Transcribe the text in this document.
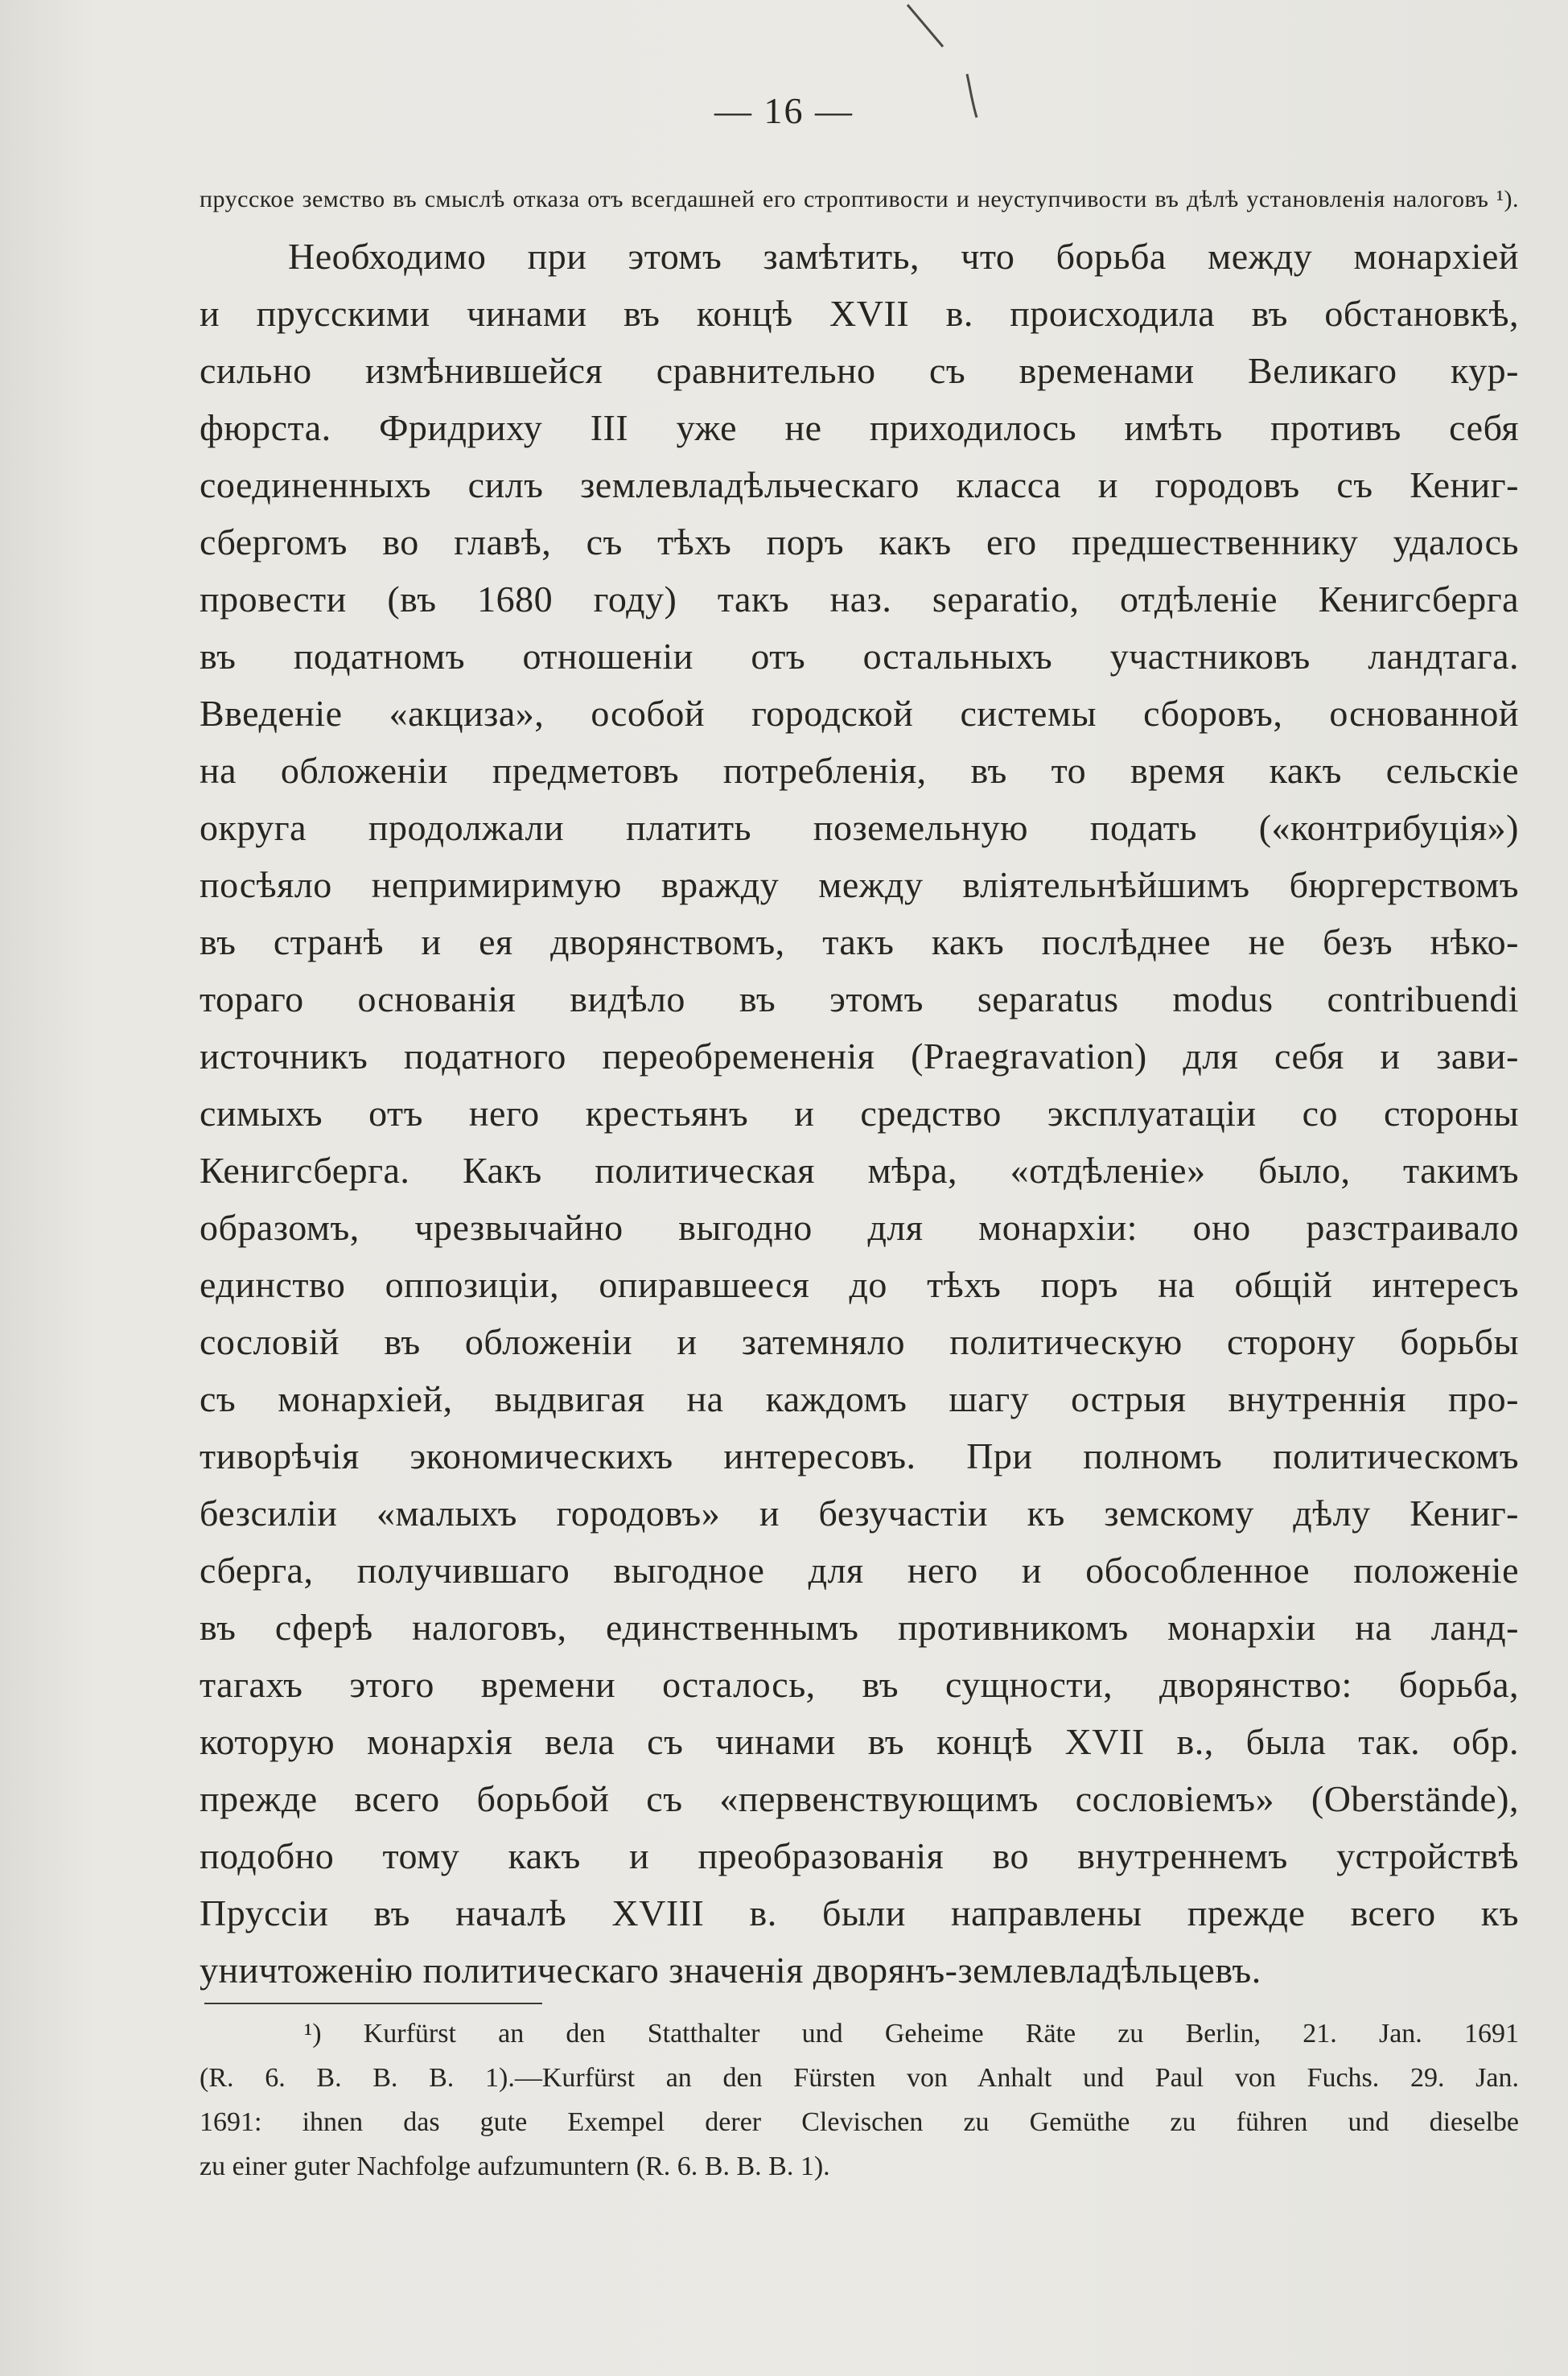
— 16 —
прусское земство въ смыслѣ отказа отъ всегдашней его строптивости и неуступчивости въ дѣлѣ установленія налоговъ ¹).
Необходимо при этомъ замѣтить, что борьба между монархіей
и прусскими чинами въ концѣ XVII в. происходила въ обстановкѣ,
сильно измѣнившейся сравнительно съ временами Великаго кур-
фюрста. Фридриху III уже не приходилось имѣть противъ себя
соединенныхъ силъ землевладѣльческаго класса и городовъ съ Кениг-
сбергомъ во главѣ, съ тѣхъ поръ какъ его предшественнику удалось
провести (въ 1680 году) такъ наз. separatio, отдѣленіе Кенигсберга
въ податномъ отношеніи отъ остальныхъ участниковъ ландтага.
Введеніе «акциза», особой городской системы сборовъ, основанной
на обложеніи предметовъ потребленія, въ то время какъ сельскіе
округа продолжали платить поземельную подать («контрибуція»)
посѣяло непримиримую вражду между вліятельнѣйшимъ бюргерствомъ
въ странѣ и ея дворянствомъ, такъ какъ послѣднее не безъ нѣко-
тораго основанія видѣло въ этомъ separatus modus contribuendi
источникъ податного переобремененія (Praegravation) для себя и зави-
симыхъ отъ него крестьянъ и средство эксплуатаціи со стороны
Кенигсберга. Какъ политическая мѣра, «отдѣленіе» было, такимъ
образомъ, чрезвычайно выгодно для монархіи: оно разстраивало
единство оппозиціи, опиравшееся до тѣхъ поръ на общій интересъ
сословій въ обложеніи и затемняло политическую сторону борьбы
съ монархіей, выдвигая на каждомъ шагу острыя внутреннія про-
тиворѣчія экономическихъ интересовъ. При полномъ политическомъ
безсиліи «малыхъ городовъ» и безучастіи къ земскому дѣлу Кениг-
сберга, получившаго выгодное для него и обособленное положеніе
въ сферѣ налоговъ, единственнымъ противникомъ монархіи на ланд-
тагахъ этого времени осталось, въ сущности, дворянство: борьба,
которую монархія вела съ чинами въ концѣ XVII в., была так. обр.
прежде всего борьбой съ «первенствующимъ сословіемъ» (Oberstände),
подобно тому какъ и преобразованія во внутреннемъ устройствѣ
Пруссіи въ началѣ XVIII в. были направлены прежде всего къ
уничтоженію политическаго значенія дворянъ-землевладѣльцевъ.
¹) Kurfürst an den Statthalter und Geheime Räte zu Berlin, 21. Jan. 1691
(R. 6. B. B. B. 1).—Kurfürst an den Fürsten von Anhalt und Paul von Fuchs. 29. Jan.
1691: ihnen das gute Exempel derer Clevischen zu Gemüthe zu führen und dieselbe
zu einer guter Nachfolge aufzumuntern (R. 6. B. B. B. 1).
